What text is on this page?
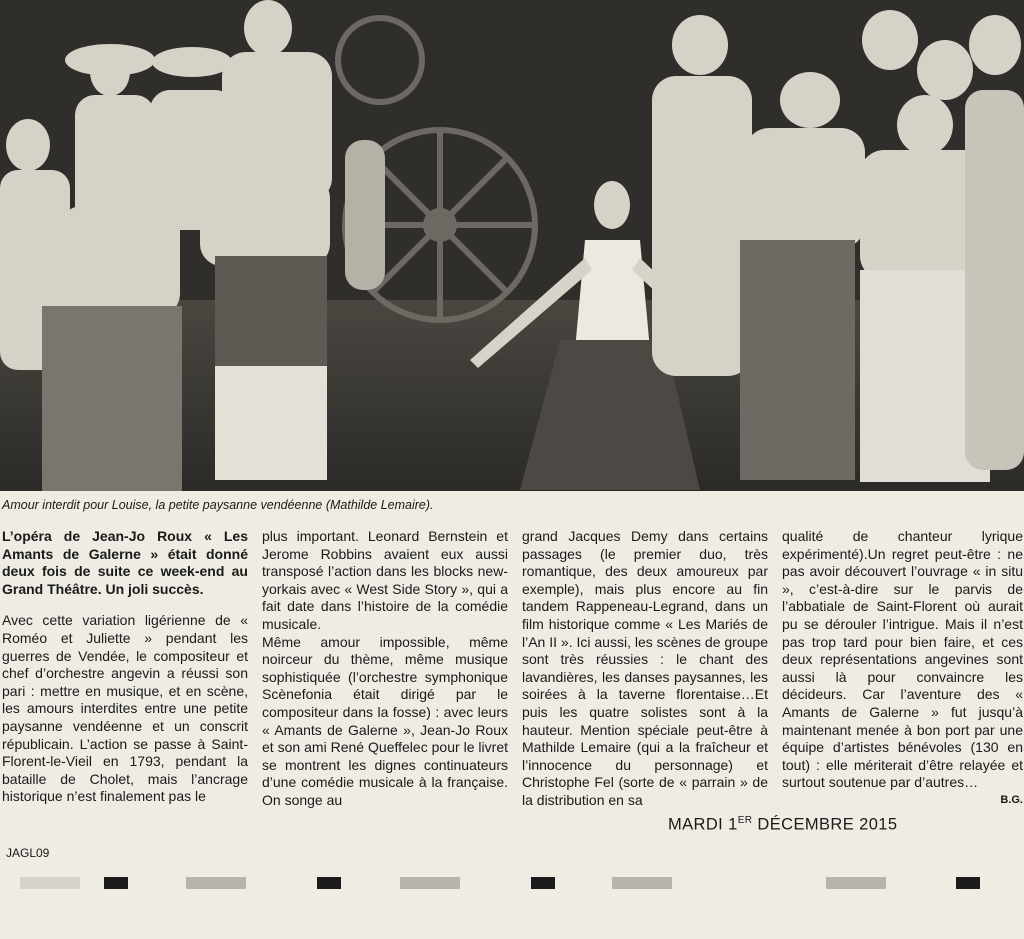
Amour interdit pour Louise, la petite paysanne vendéenne (Mathilde Lemaire).

L’opéra de Jean-Jo Roux « Les Amants de Galerne » était donné deux fois de suite ce week-end au Grand Théâtre. Un joli succès.

Avec cette variation ligérienne de « Roméo et Juliette » pendant les guerres de Vendée, le compositeur et chef d’orchestre angevin a réussi son pari : mettre en musique, et en scène, les amours interdites entre une petite paysanne vendéenne et un conscrit républicain. L’action se passe à Saint-Florent-le-Vieil en 1793, pendant la bataille de Cholet, mais l’ancrage historique n’est finalement pas le

plus important. Leonard Bernstein et Jerome Robbins avaient eux aussi transposé l’action dans les blocks new-yorkais avec « West Side Story », qui a fait date dans l’histoire de la comédie musicale.
Même amour impossible, même noirceur du thème, même musique sophistiquée (l’orchestre symphonique Scènefonia était dirigé par le compositeur dans la fosse) : avec leurs « Amants de Galerne », Jean-Jo Roux et son ami René Queffelec pour le livret se montrent les dignes continuateurs d’une comédie musicale à la française. On songe au

grand Jacques Demy dans certains passages (le premier duo, très romantique, des deux amoureux par exemple), mais plus encore au fin tandem Rappeneau-Legrand, dans un film historique comme « Les Mariés de l’An II ». Ici aussi, les scènes de groupe sont très réussies : le chant des lavandières, les danses paysannes, les soirées à la taverne florentaise…Et puis les quatre solistes sont à la hauteur. Mention spéciale peut-être à Mathilde Lemaire (qui a la fraîcheur et l’innocence du personnage) et Christophe Fel (sorte de « parrain » de la distribution en sa

qualité de chanteur lyrique expérimenté).Un regret peut-être : ne pas avoir découvert l’ouvrage « in situ », c’est-à-dire sur le parvis de l’abbatiale de Saint-Florent où aurait pu se dérouler l’intrigue. Mais il n’est pas trop tard pour bien faire, et ces deux représentations angevines sont aussi là pour convaincre les décideurs. Car l’aventure des « Amants de Galerne » fut jusqu’à maintenant menée à bon port par une équipe d’artistes bénévoles (130 en tout) : elle mériterait d’être relayée et surtout soutenue par d’autres…

B.G.

MARDI 1ER DÉCEMBRE 2015
JAGL09
